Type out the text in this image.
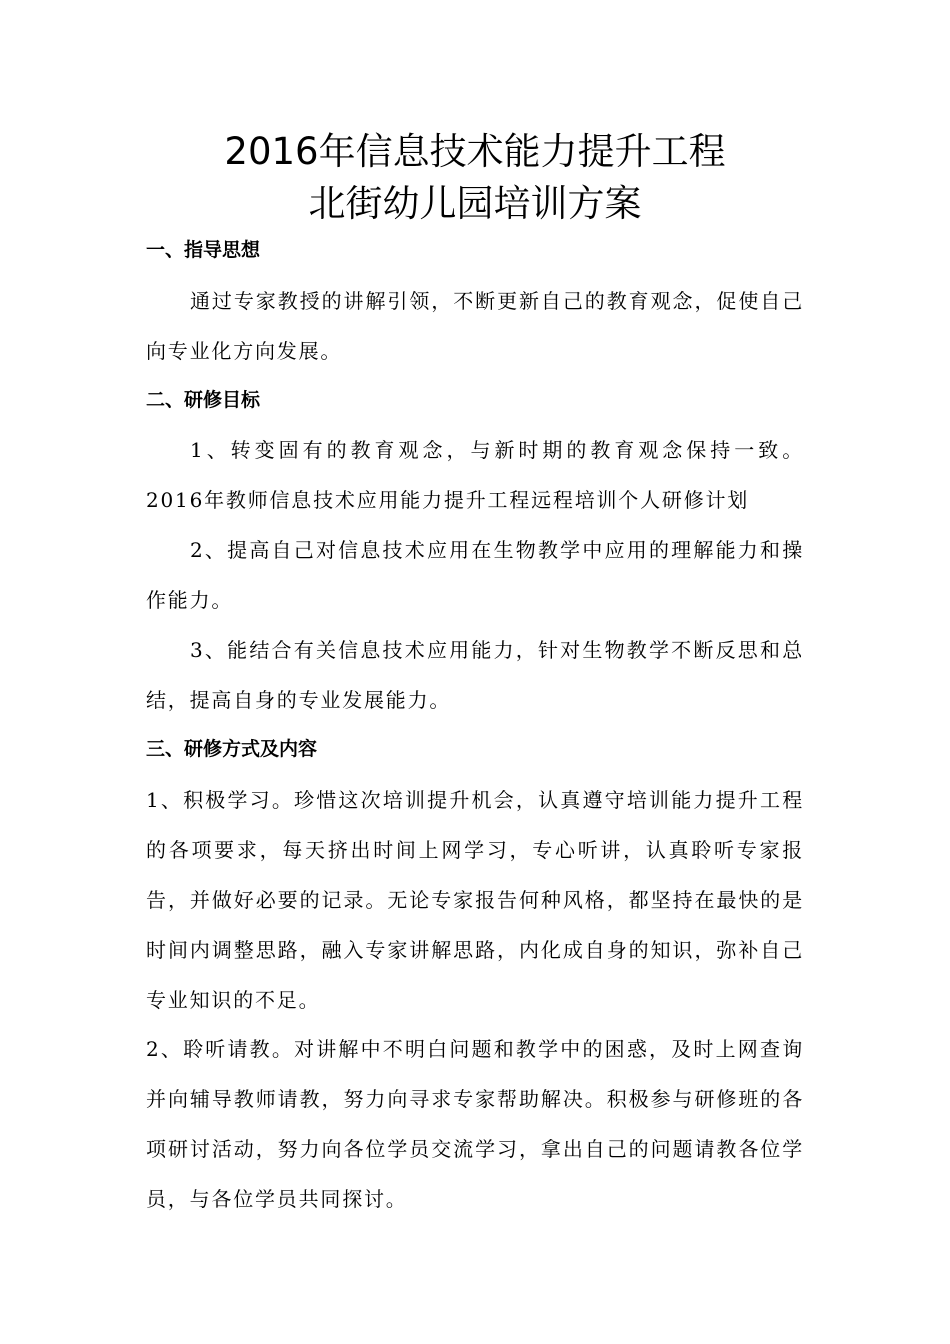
2016年信息技术能力提升工程
北街幼儿园培训方案
一、指导思想

通过专家教授的讲解引领，不断更新自己的教育观念，促使自己向专业化方向发展。

二、研修目标

1、转变固有的教育观念，与新时期的教育观念保持一致。2016年教师信息技术应用能力提升工程远程培训个人研修计划

2、提高自己对信息技术应用在生物教学中应用的理解能力和操作能力。

3、能结合有关信息技术应用能力，针对生物教学不断反思和总结，提高自身的专业发展能力。

三、研修方式及内容

1、积极学习。珍惜这次培训提升机会，认真遵守培训能力提升工程的各项要求，每天挤出时间上网学习，专心听讲，认真聆听专家报告，并做好必要的记录。无论专家报告何种风格，都坚持在最快的是时间内调整思路，融入专家讲解思路，内化成自身的知识，弥补自己专业知识的不足。

2、聆听请教。对讲解中不明白问题和教学中的困惑，及时上网查询并向辅导教师请教，努力向寻求专家帮助解决。积极参与研修班的各项研讨活动，努力向各位学员交流学习，拿出自己的问题请教各位学员，与各位学员共同探讨。
